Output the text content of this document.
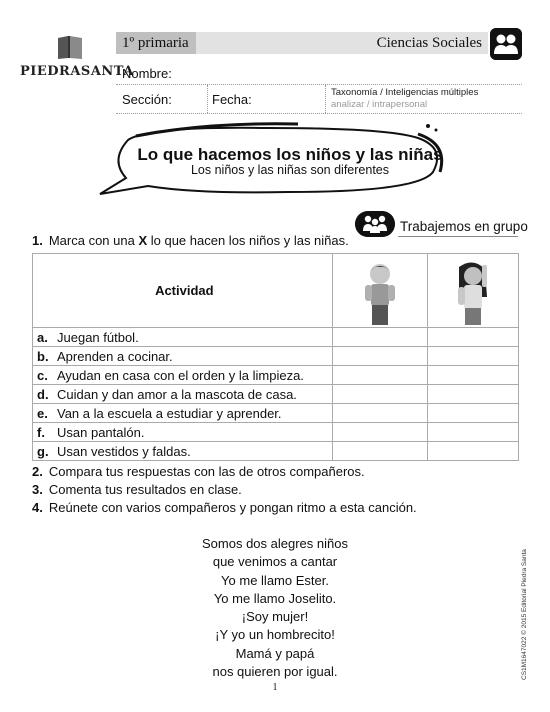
PIEDRASANTA
1º primaria	Ciencias Sociales
Nombre:
Sección:	Fecha:	Taxonomía / Inteligencias múltiples
analizar / intrapersonal
Lo que hacemos los niños y las niñas
Los niños y las niñas son diferentes
Trabajemos en grupo
1. Marca con una X lo que hacen los niños y las niñas.
Actividad	

a. Juegan fútbol.		
b. Aprenden a cocinar.		
c. Ayudan en casa con el orden y la limpieza.		
d. Cuidan y dan amor a la mascota de casa.		
e. Van a la escuela a estudiar y aprender.		
f. Usan pantalón.		
g. Usan vestidos y faldas.		
2. Compara tus respuestas con las de otros compañeros.
3. Comenta tus resultados en clase.
4. Reúnete con varios compañeros y pongan ritmo a esta canción.
Somos dos alegres niños
que venimos a cantar
Yo me llamo Ester.
Yo me llamo Joselito.
¡Soy mujer!
¡Y yo un hombrecito!
Mamá y papá
nos quieren por igual.
1
CS1M1647022 © 2015 Editorial Piedra Santa
